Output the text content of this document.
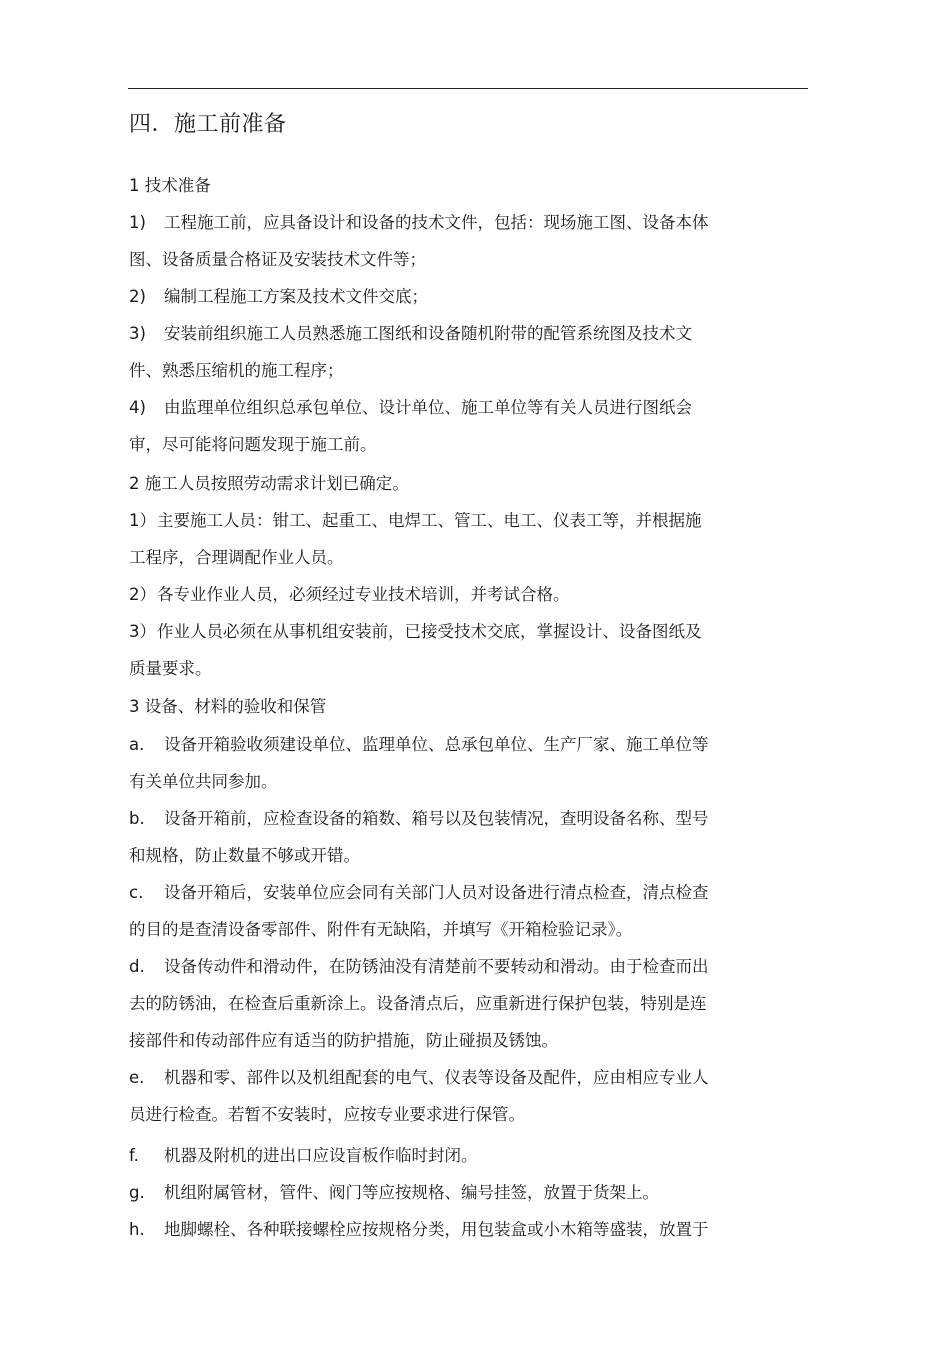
四．施工前准备
1 技术准备
1) 工程施工前，应具备设计和设备的技术文件，包括：现场施工图、设备本体
图、设备质量合格证及安装技术文件等；
2) 编制工程施工方案及技术文件交底；
3) 安装前组织施工人员熟悉施工图纸和设备随机附带的配管系统图及技术文
件、熟悉压缩机的施工程序；
4) 由监理单位组织总承包单位、设计单位、施工单位等有关人员进行图纸会
审，尽可能将问题发现于施工前。
2 施工人员按照劳动需求计划已确定。
1）主要施工人员：钳工、起重工、电焊工、管工、电工、仪表工等，并根据施
工程序，合理调配作业人员。
2）各专业作业人员，必须经过专业技术培训，并考试合格。
3）作业人员必须在从事机组安装前，已接受技术交底，掌握设计、设备图纸及
质量要求。
3 设备、材料的验收和保管
a. 设备开箱验收须建设单位、监理单位、总承包单位、生产厂家、施工单位等
有关单位共同参加。
b. 设备开箱前，应检查设备的箱数、箱号以及包装情况，查明设备名称、型号
和规格，防止数量不够或开错。
c. 设备开箱后，安装单位应会同有关部门人员对设备进行清点检查，清点检查
的目的是查清设备零部件、附件有无缺陷，并填写《开箱检验记录》。
d. 设备传动件和滑动件，在防锈油没有清楚前不要转动和滑动。由于检查而出
去的防锈油，在检查后重新涂上。设备清点后，应重新进行保护包装，特别是连
接部件和传动部件应有适当的防护措施，防止碰损及锈蚀。
e. 机器和零、部件以及机组配套的电气、仪表等设备及配件，应由相应专业人
员进行检查。若暂不安装时，应按专业要求进行保管。
f. 机器及附机的进出口应设盲板作临时封闭。
g. 机组附属管材，管件、阀门等应按规格、编号挂签，放置于货架上。
h. 地脚螺栓、各种联接螺栓应按规格分类，用包装盒或小木箱等盛装，放置于
